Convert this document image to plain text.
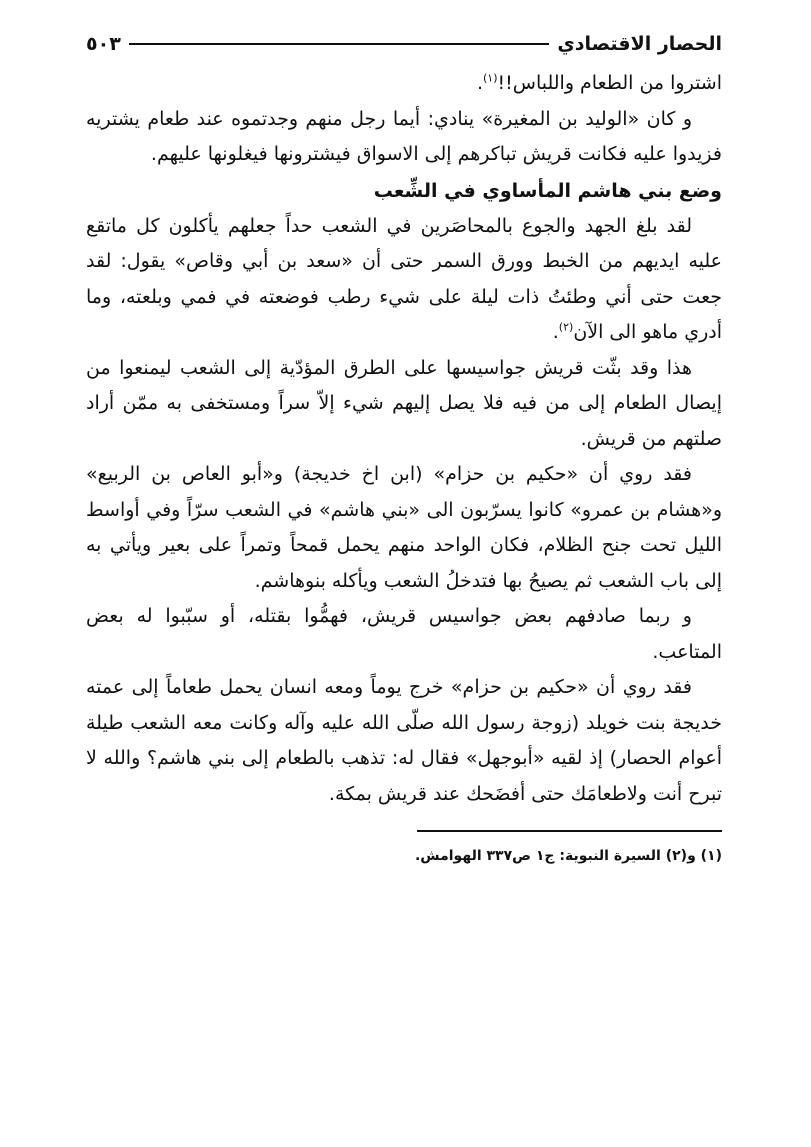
الحصار الاقتصادي
٥٠٣

اشتروا من الطعام واللباس!!$^{(١)}$.

و كان «الوليد بن المغيرة» ينادي: أيما رجل منهم وجدتموه عند طعام يشتريه فزيدوا عليه فكانت قريش تباكرهم إلى الاسواق فيشترونها فيغلونها عليهم.

وضع بني هاشم المأساوي في الشِّعب

لقد بلغ الجهد والجوع بالمحاصَرين في الشعب حداً جعلهم يأكلون كل ماتقع عليه ايديهم من الخبط وورق السمر حتى أن «سعد بن أبي وقاص» يقول: لقد جعت حتى أني وطئتُ ذات ليلة على شيء رطب فوضعته في فمي وبلعته، وما أدري ماهو الى الآن$^{(٢)}$.

هذا وقد بثّت قريش جواسيسها على الطرق المؤدّية إلى الشعب ليمنعوا من إيصال الطعام إلى من فيه فلا يصل إليهم شيء إلاّ سراً ومستخفى به ممّن أراد صلتهم من قريش.

فقد روي أن «حكيم بن حزام» (ابن اخ خديجة) و«أبو العاص بن الربيع» و«هشام بن عمرو» كانوا يسرّبون الى «بني هاشم» في الشعب سرّاً وفي أواسط الليل تحت جنح الظلام، فكان الواحد منهم يحمل قمحاً وتمراً على بعير ويأتي به إلى باب الشعب ثم يصيحُ بها فتدخلُ الشعب ويأكله بنوهاشم.

و ربما صادفهم بعض جواسيس قريش، فهمُّوا بقتله، أو سبّبوا له بعض المتاعب.

فقد روي أن «حكيم بن حزام» خرج يوماً ومعه انسان يحمل طعاماً إلى عمته خديجة بنت خويلد (زوجة رسول الله صلّى الله عليه وآله وكانت معه الشعب طيلة أعوام الحصار) إذ لقيه «أبوجهل» فقال له: تذهب بالطعام إلى بني هاشم؟ والله لا تبرح أنت ولاطعامَك حتى أفضَحك عند قريش بمكة.

(١) و(٢) السيرة النبوية: ج١ ص٣٣٧ الهوامش.
